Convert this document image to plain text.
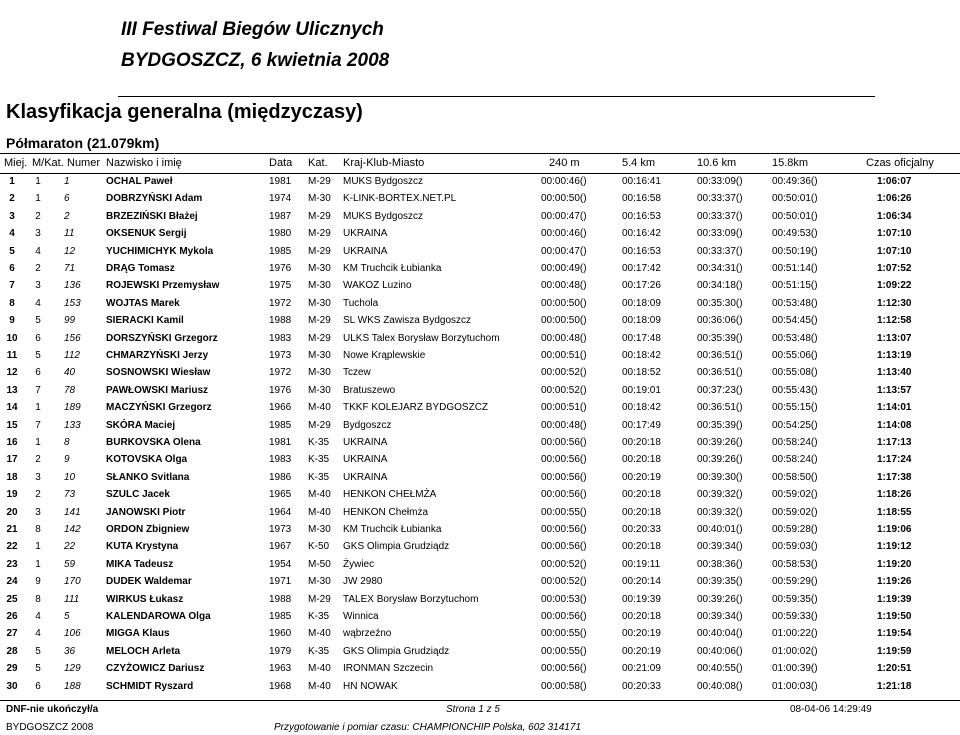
III Festiwal Biegów Ulicznych
BYDGOSZCZ, 6 kwietnia 2008
Klasyfikacja generalna (międzyczasy)
Półmaraton (21.079km)
Miej. M/Kat. Numer Nazwisko i imię	Data Kat. Kraj-Klub-Miasto	240 m	5.4 km	10.6 km	15.8km	Czas oficjalny
1	1	1	OCHAL Paweł	1981	M-29	MUKS Bydgoszcz	00:00:46()	00:16:41	00:33:09()	00:49:36()	1:06:07
2	1	6	DOBRZYŃSKI Adam	1974	M-30	K-LINK-BORTEX.NET.PL	00:00:50()	00:16:58	00:33:37()	00:50:01()	1:06:26
3	2	2	BRZEZIŃSKI Błażej	1987	M-29	MUKS Bydgoszcz	00:00:47()	00:16:53	00:33:37()	00:50:01()	1:06:34
4	3	11	OKSENUK Sergij	1980	M-29	UKRAINA	00:00:46()	00:16:42	00:33:09()	00:49:53()	1:07:10
5	4	12	YUCHIMICHYK Mykola	1985	M-29	UKRAINA	00:00:47()	00:16:53	00:33:37()	00:50:19()	1:07:10
6	2	71	DRĄG Tomasz	1976	M-30	KM Truchcik Łubianka	00:00:49()	00:17:42	00:34:31()	00:51:14()	1:07:52
7	3	136	ROJEWSKI Przemysław	1975	M-30	WAKOZ Luzino	00:00:48()	00:17:26	00:34:18()	00:51:15()	1:09:22
8	4	153	WOJTAS Marek	1972	M-30	Tuchola	00:00:50()	00:18:09	00:35:30()	00:53:48()	1:12:30
9	5	99	SIERACKI Kamil	1988	M-29	SL WKS Zawisza Bydgoszcz	00:00:50()	00:18:09	00:36:06()	00:54:45()	1:12:58
10	6	156	DORSZYŃSKI Grzegorz	1983	M-29	ULKS Talex Borysław Borzytuchom	00:00:48()	00:17:48	00:35:39()	00:53:48()	1:13:07
11	5	112	CHMARZYŃSKI Jerzy	1973	M-30	Nowe Krąplewskie	00:00:51()	00:18:42	00:36:51()	00:55:06()	1:13:19
12	6	40	SOSNOWSKI Wiesław	1972	M-30	Tczew	00:00:52()	00:18:52	00:36:51()	00:55:08()	1:13:40
13	7	78	PAWŁOWSKI Mariusz	1976	M-30	Bratuszewo	00:00:52()	00:19:01	00:37:23()	00:55:43()	1:13:57
14	1	189	MACZYŃSKI Grzegorz	1966	M-40	TKKF KOLEJARZ BYDGOSZCZ	00:00:51()	00:18:42	00:36:51()	00:55:15()	1:14:01
15	7	133	SKÓRA Maciej	1985	M-29	Bydgoszcz	00:00:48()	00:17:49	00:35:39()	00:54:25()	1:14:08
16	1	8	BURKOVSKA Olena	1981	K-35	UKRAINA	00:00:56()	00:20:18	00:39:26()	00:58:24()	1:17:13
17	2	9	KOTOVSKA Olga	1983	K-35	UKRAINA	00:00:56()	00:20:18	00:39:26()	00:58:24()	1:17:24
18	3	10	SŁANKO Svitlana	1986	K-35	UKRAINA	00:00:56()	00:20:19	00:39:30()	00:58:50()	1:17:38
19	2	73	SZULC Jacek	1965	M-40	HENKON CHEŁMŻA	00:00:56()	00:20:18	00:39:32()	00:59:02()	1:18:26
20	3	141	JANOWSKI Piotr	1964	M-40	HENKON Chełmża	00:00:55()	00:20:18	00:39:32()	00:59:02()	1:18:55
21	8	142	ORDON Zbigniew	1973	M-30	KM Truchcik Łubianka	00:00:56()	00:20:33	00:40:01()	00:59:28()	1:19:06
22	1	22	KUTA Krystyna	1967	K-50	GKS Olimpia Grudziądz	00:00:56()	00:20:18	00:39:34()	00:59:03()	1:19:12
23	1	59	MIKA Tadeusz	1954	M-50	Żywiec	00:00:52()	00:19:11	00:38:36()	00:58:53()	1:19:20
24	9	170	DUDEK Waldemar	1971	M-30	JW 2980	00:00:52()	00:20:14	00:39:35()	00:59:29()	1:19:26
25	8	111	WIRKUS Łukasz	1988	M-29	TALEX Borysław Borzytuchom	00:00:53()	00:19:39	00:39:26()	00:59:35()	1:19:39
26	4	5	KALENDAROWA Olga	1985	K-35	Winnica	00:00:56()	00:20:18	00:39:34()	00:59:33()	1:19:50
27	4	106	MIGGA Klaus	1960	M-40	wąbrzeźno	00:00:55()	00:20:19	00:40:04()	01:00:22()	1:19:54
28	5	36	MELOCH Arleta	1979	K-35	GKS Olimpia Grudziądz	00:00:55()	00:20:19	00:40:06()	01:00:02()	1:19:59
29	5	129	CZYŻOWICZ Dariusz	1963	M-40	IRONMAN Szczecin	00:00:56()	00:21:09	00:40:55()	01:00:39()	1:20:51
30	6	188	SCHMIDT Ryszard	1968	M-40	HN NOWAK	00:00:58()	00:20:33	00:40:08()	01:00:03()	1:21:18
DNF-nie ukończył/a
BYDGOSZCZ 2008
Strona 1 z 5
Przygotowanie i pomiar czasu: CHAMPIONCHIP Polska, 602 314171
08-04-06 14:29:49
